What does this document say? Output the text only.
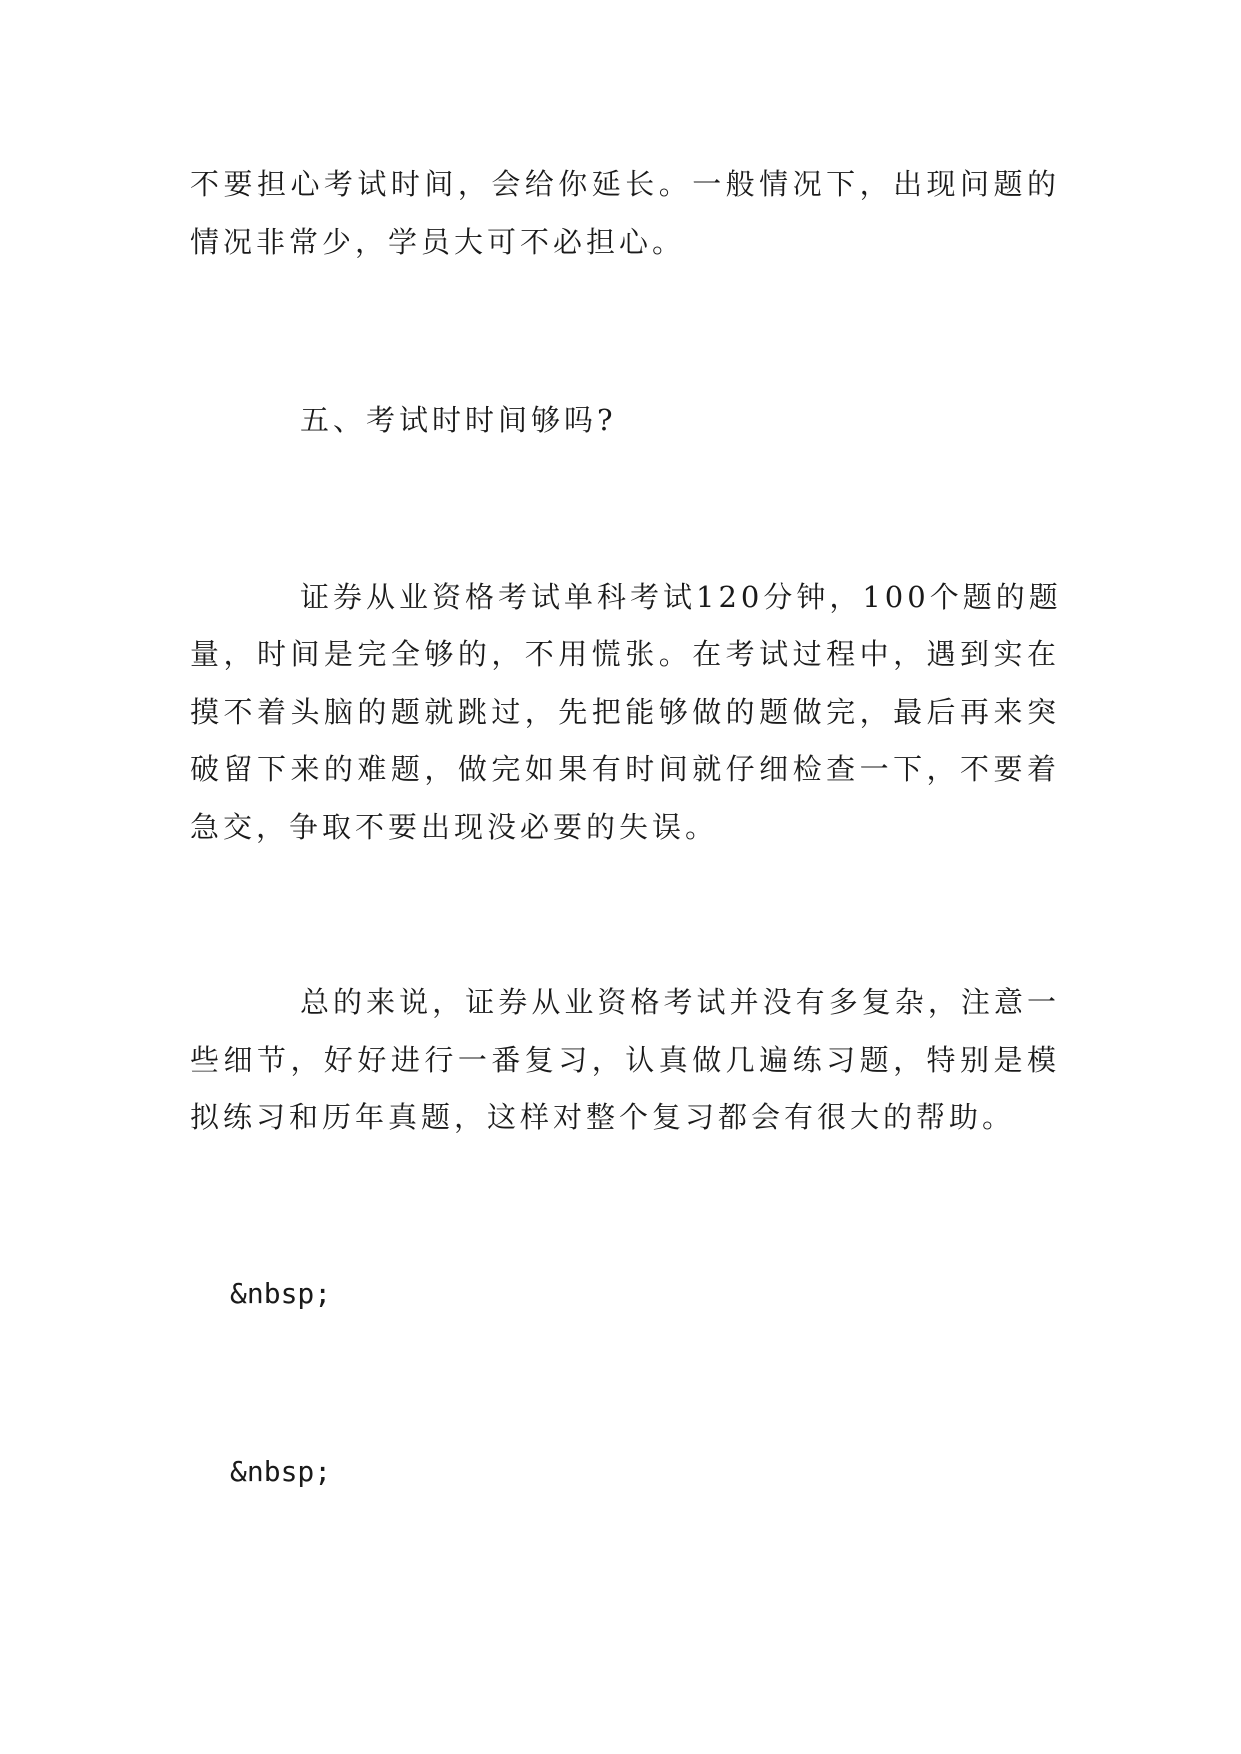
不要担心考试时间，会给你延长。一般情况下，出现问题的

情况非常少，学员大可不必担心。

五、考试时时间够吗?

证券从业资格考试单科考试120分钟，100个题的题

量，时间是完全够的，不用慌张。在考试过程中，遇到实在

摸不着头脑的题就跳过，先把能够做的题做完，最后再来突

破留下来的难题，做完如果有时间就仔细检查一下，不要着

急交，争取不要出现没必要的失误。

总的来说，证券从业资格考试并没有多复杂，注意一

些细节，好好进行一番复习，认真做几遍练习题，特别是模

拟练习和历年真题，这样对整个复习都会有很大的帮助。

&nbsp;

&nbsp;
